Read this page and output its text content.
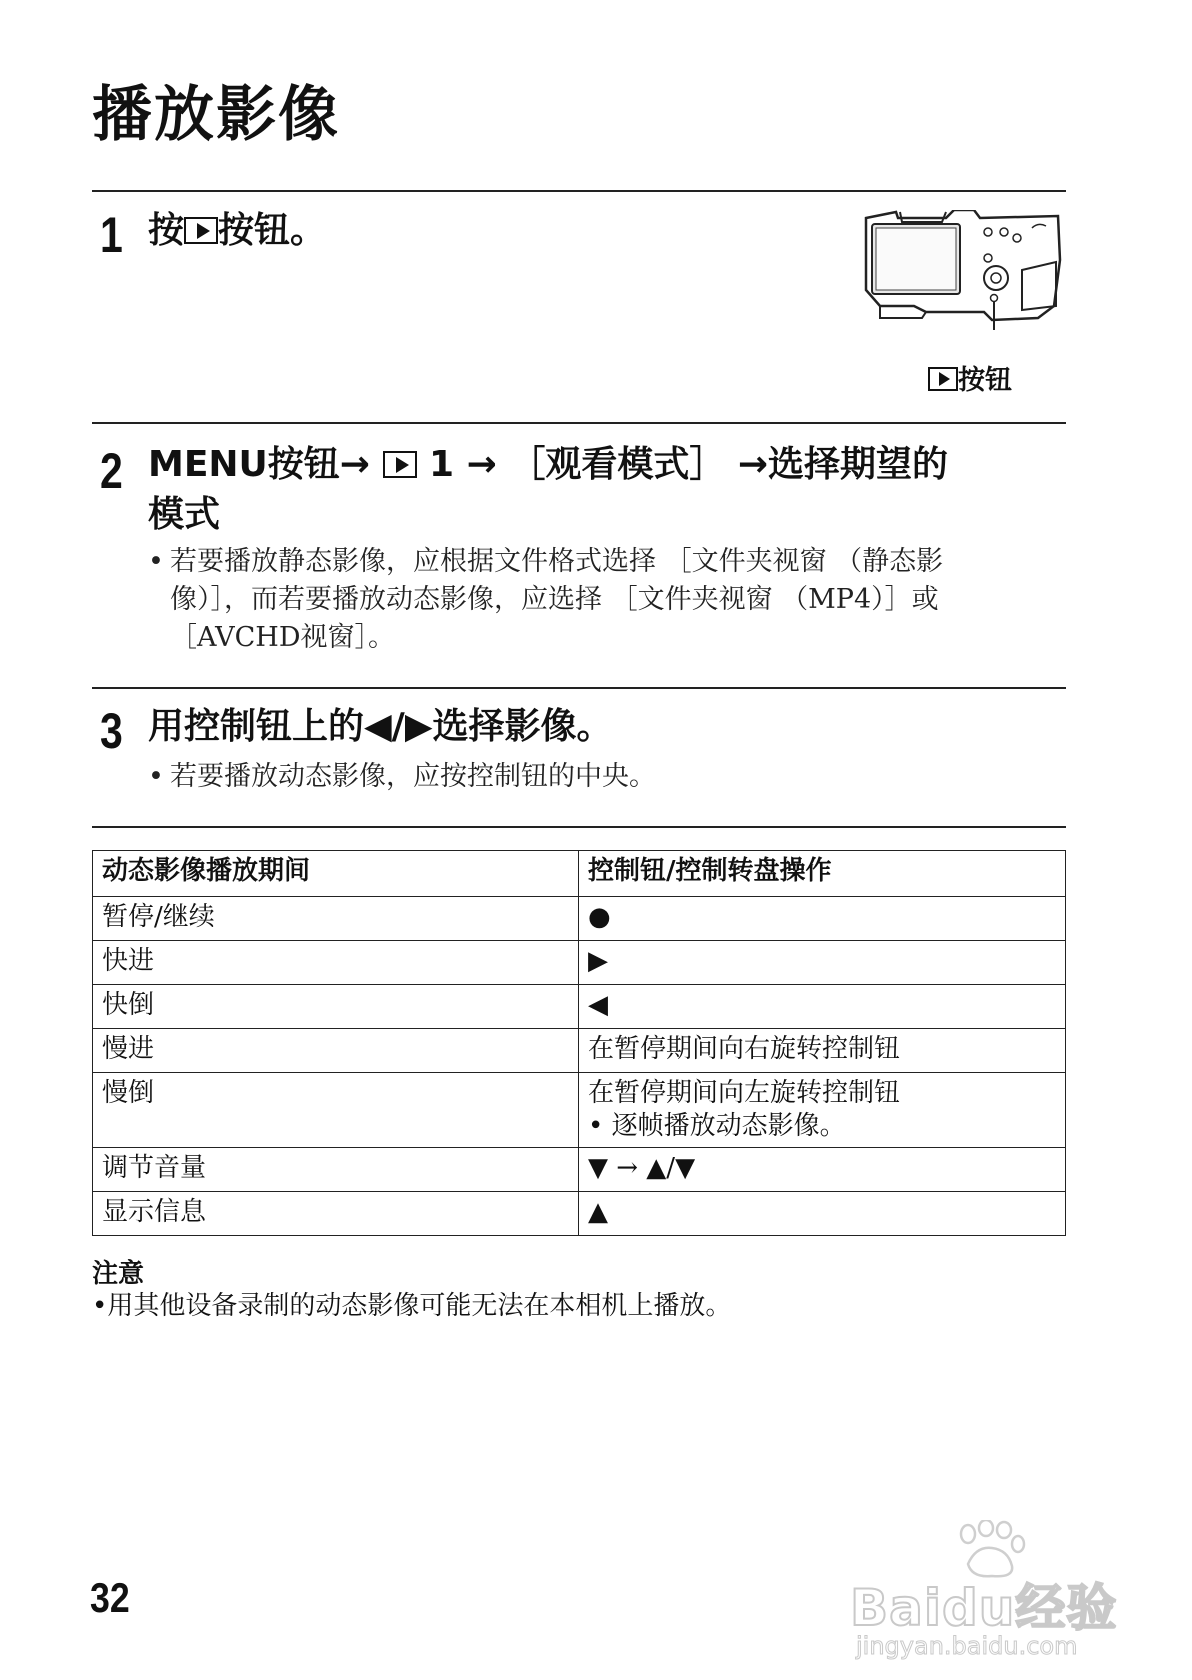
播放影像
1 按 按钮。
按钮
2 MENU按钮→ 1 → ［观看模式］ →选择期望的
模式
• 若要播放静态影像，应根据文件格式选择 ［文件夹视窗 （静态影
像）］，而若要播放动态影像，应选择 ［文件夹视窗 （MP4）］或
［AVCHD视窗］。
3 用控制钮上的◀/▶选择影像。
• 若要播放动态影像，应按控制钮的中央。
动态影像播放期间	控制钮/控制转盘操作
暂停/继续	●
快进	▶
快倒	◀
慢进	在暂停期间向右旋转控制钮
慢倒	在暂停期间向左旋转控制钮
• 逐帧播放动态影像。

调节音量	▼ → ▲/▼
显示信息	▲
注意
•用其他设备录制的动态影像可能无法在本相机上播放。
32	Baidu经验
jingyan.baidu.com
